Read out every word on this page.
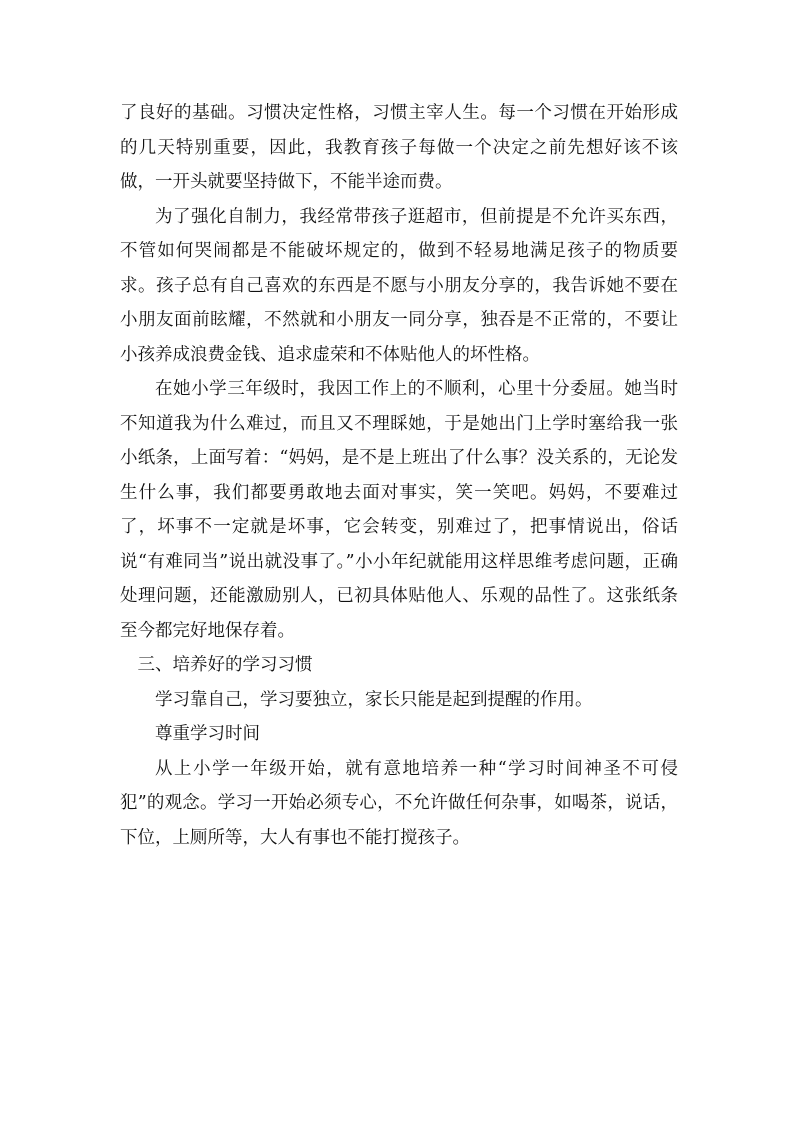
了良好的基础。习惯决定性格，习惯主宰人生。每一个习惯在开始形成的几天特别重要，因此，我教育孩子每做一个决定之前先想好该不该做，一开头就要坚持做下，不能半途而费。

为了强化自制力，我经常带孩子逛超市，但前提是不允许买东西，不管如何哭闹都是不能破坏规定的，做到不轻易地满足孩子的物质要求。孩子总有自己喜欢的东西是不愿与小朋友分享的，我告诉她不要在小朋友面前眩耀，不然就和小朋友一同分享，独吞是不正常的，不要让小孩养成浪费金钱、追求虚荣和不体贴他人的坏性格。

在她小学三年级时，我因工作上的不顺利，心里十分委屈。她当时不知道我为什么难过，而且又不理睬她，于是她出门上学时塞给我一张小纸条，上面写着：“妈妈，是不是上班出了什么事？没关系的，无论发生什么事，我们都要勇敢地去面对事实，笑一笑吧。妈妈，不要难过了，坏事不一定就是坏事，它会转变，别难过了，把事情说出，俗话说“有难同当”说出就没事了。”小小年纪就能用这样思维考虑问题，正确处理问题，还能激励别人，已初具体贴他人、乐观的品性了。这张纸条至今都完好地保存着。

三、培养好的学习习惯

学习靠自己，学习要独立，家长只能是起到提醒的作用。

尊重学习时间

从上小学一年级开始，就有意地培养一种“学习时间神圣不可侵犯”的观念。学习一开始必须专心，不允许做任何杂事，如喝茶，说话，下位，上厕所等，大人有事也不能打搅孩子。
